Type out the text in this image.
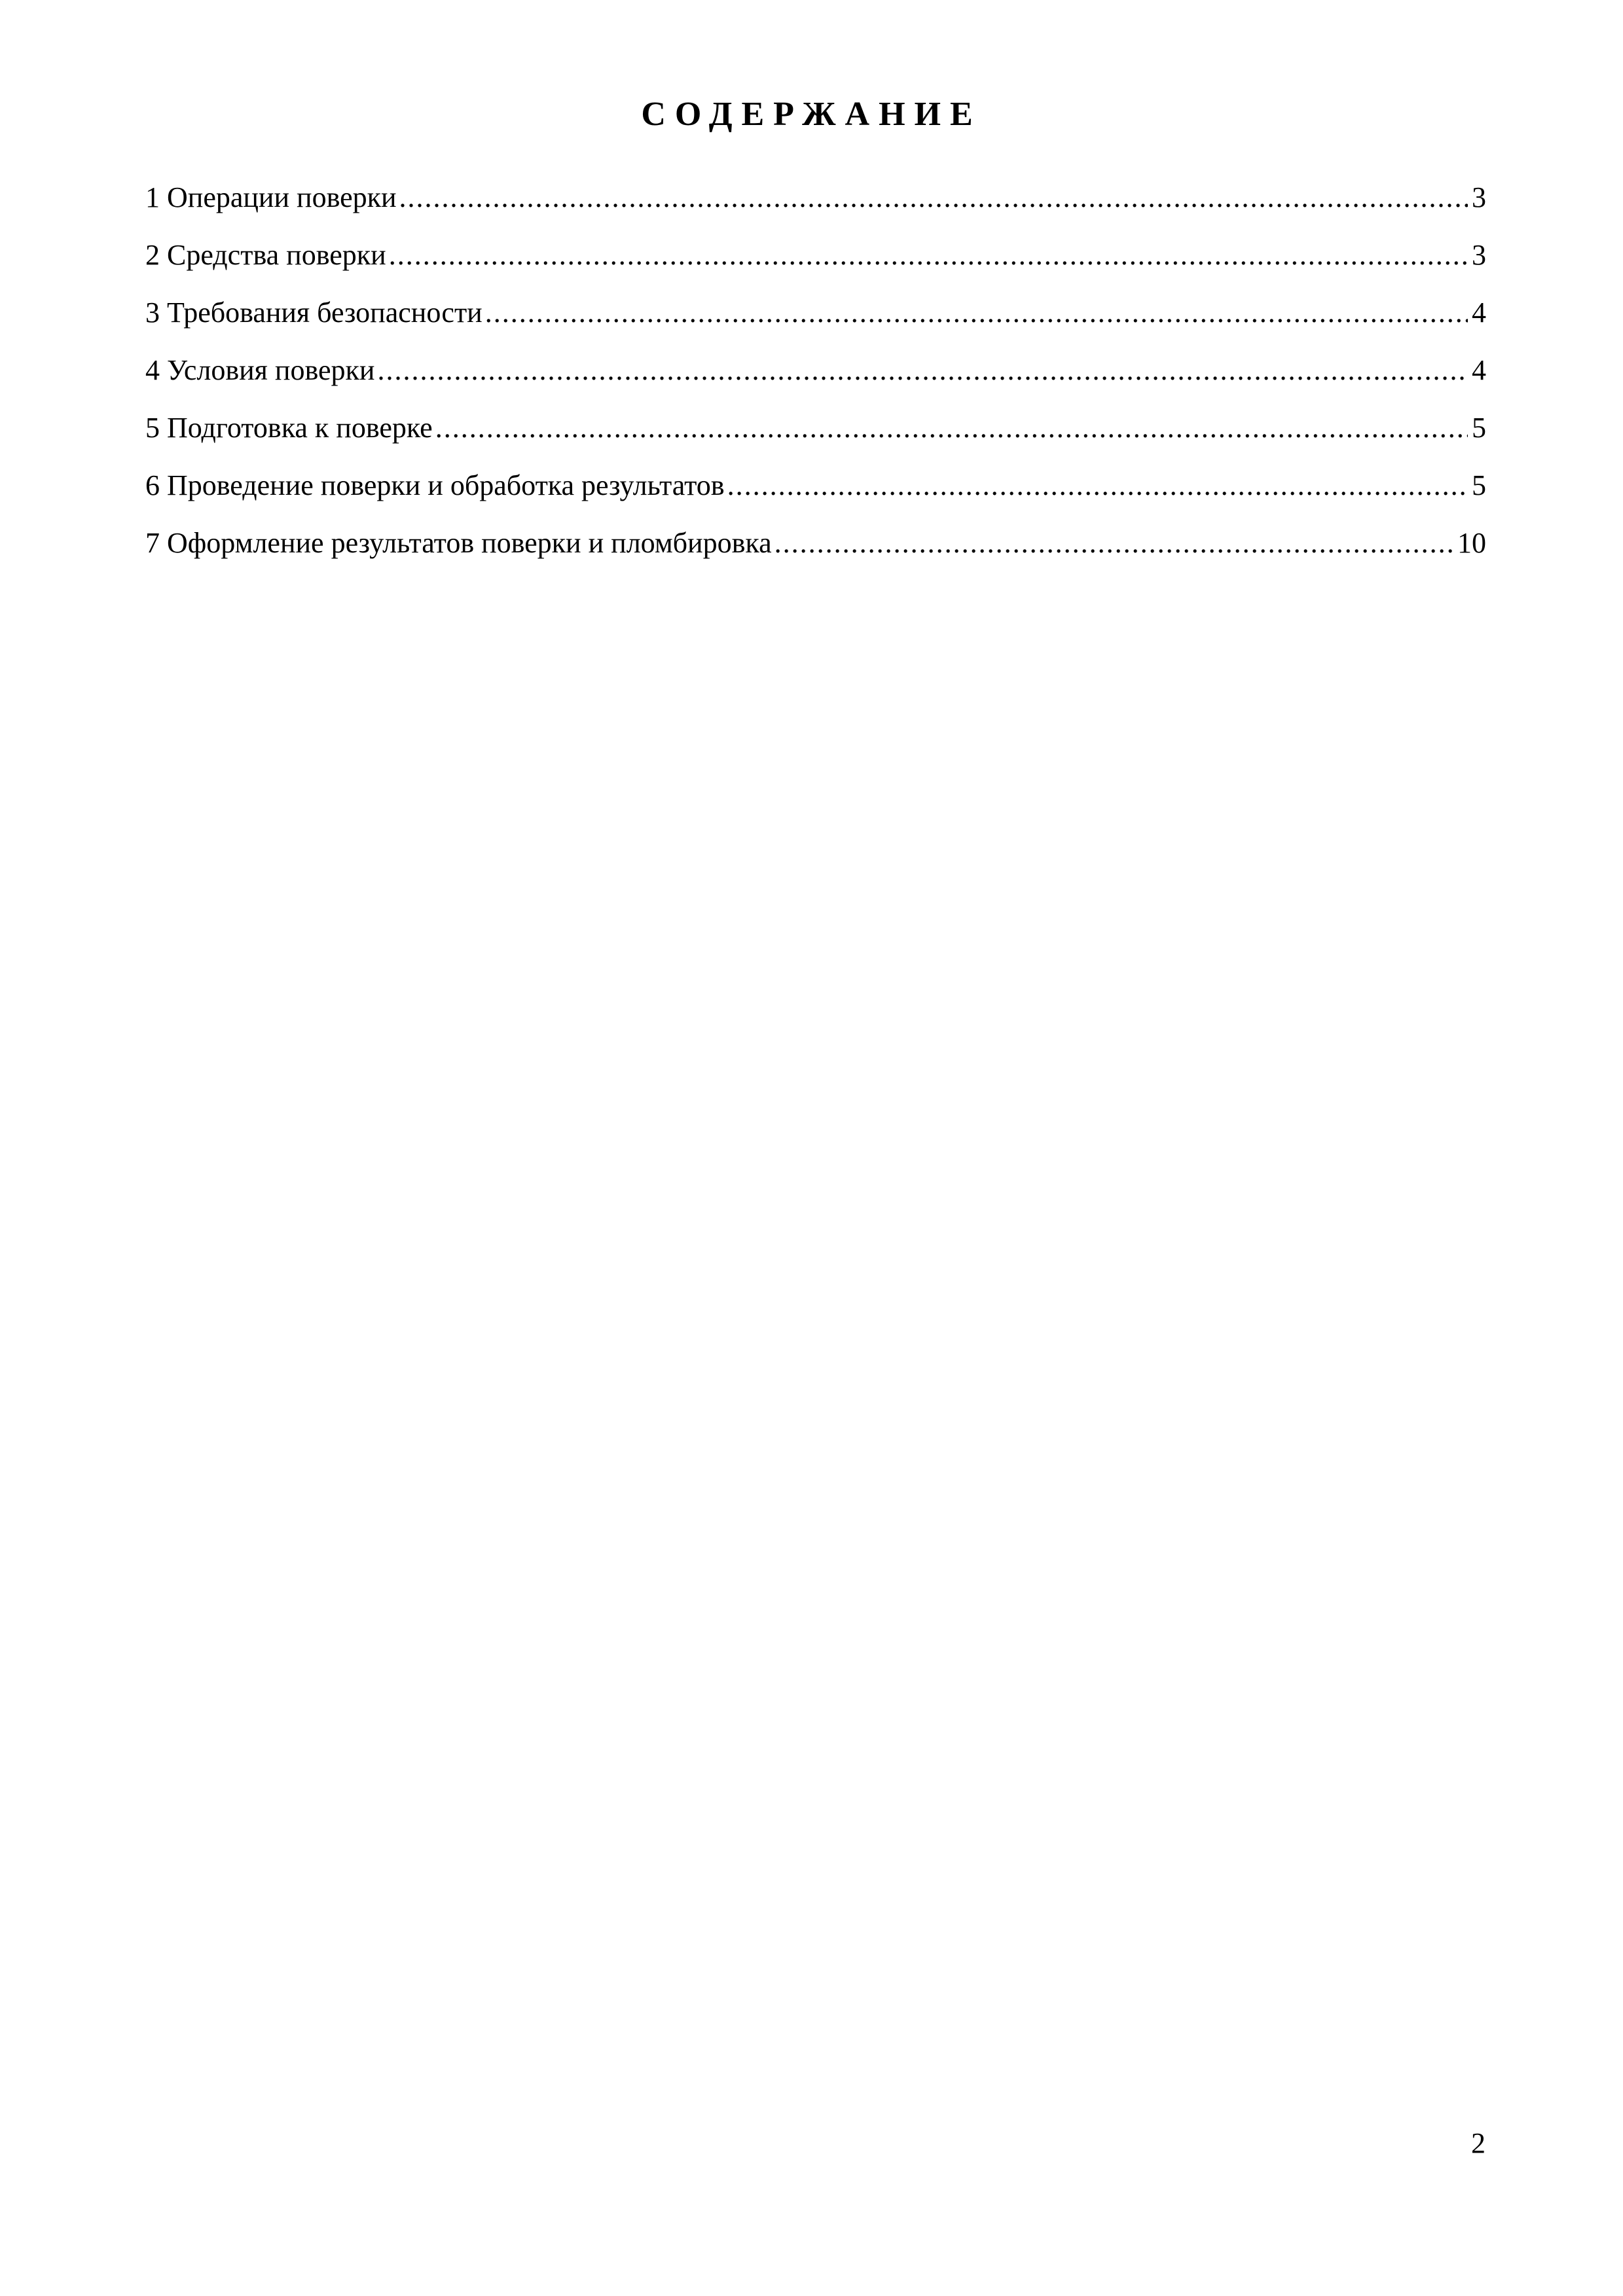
СОДЕРЖАНИЕ
1 Операции поверки .....	3
2 Средства поверки .....	3
3 Требования безопасности .....	4
4 Условия поверки .....	4
5 Подготовка к поверке .....	5
6 Проведение поверки и обработка результатов .....	5
7 Оформление результатов поверки и пломбировка .....	10
2
